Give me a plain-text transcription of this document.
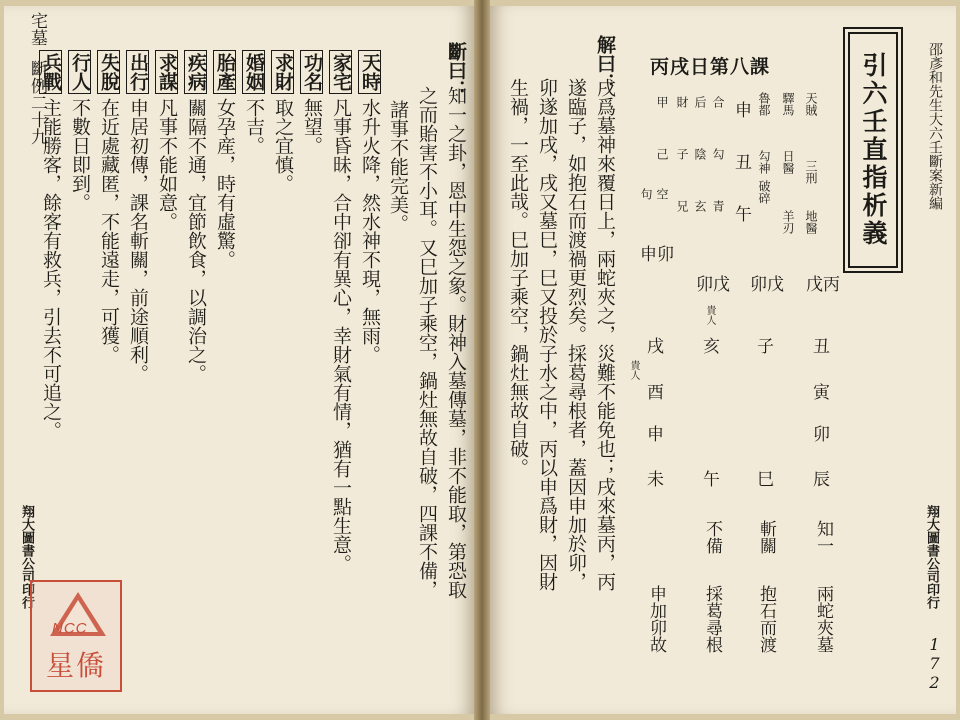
宅墓
斷例二十九
翔大圖書公司印行
斷曰：
知一之卦，恩中生怨之象。財神入墓傳墓，非不能取，第恐取
之而貽害不小耳。又巳加子乘空，鍋灶無故自破，四課不備，
諸事不能完美。
天時水升火降，然水神不現，無雨。
家宅凡事昏昧，合中卻有異心，幸財氣有情，猶有一點生意。
功名無望。
求財取之宜慎。
婚姻不吉。
胎產女孕産，時有虛驚。
疾病關隔不通，宜節飲食，以調治之。
求謀凡事不能如意。
出行申居初傳，課名斬關，前途順利。
失脫在近處藏匿，不能遠走，可獲。
行人不數日即到。
兵戰主能勝客，餘客有救兵，引去不可追之。
NCC
星僑
邵彥和先生大六壬斷案新編
翔大圖書公司印行
172
引六壬直指析義
丙戌日第八課
天賊
驛馬
魯都
三刑
日醫
勾神
破碎
地醫
羊刃
申
丑
午
合
勾
青
后
陰
玄
財
子
兄
甲
己
空
句
戊丙
丑
寅
卯
辰
卯戊
子
巳
卯戊
貴人
亥
午
申卯
戌
貴人
酉
申
未
知一
兩蛇夾墓
斬關
抱石而渡
不備
採葛尋根
申加卯故
解曰：
戌爲墓神來覆日上，兩蛇夾之，災難不能免也；戌來墓丙，丙
遂臨子，如抱石而渡禍更烈矣。採葛尋根者，蓋因申加於卯，
卯遂加戌，戌又墓巳，巳又投於子水之中，丙以申爲財，因財
生禍，一至此哉。巳加子乘空，鍋灶無故自破。
